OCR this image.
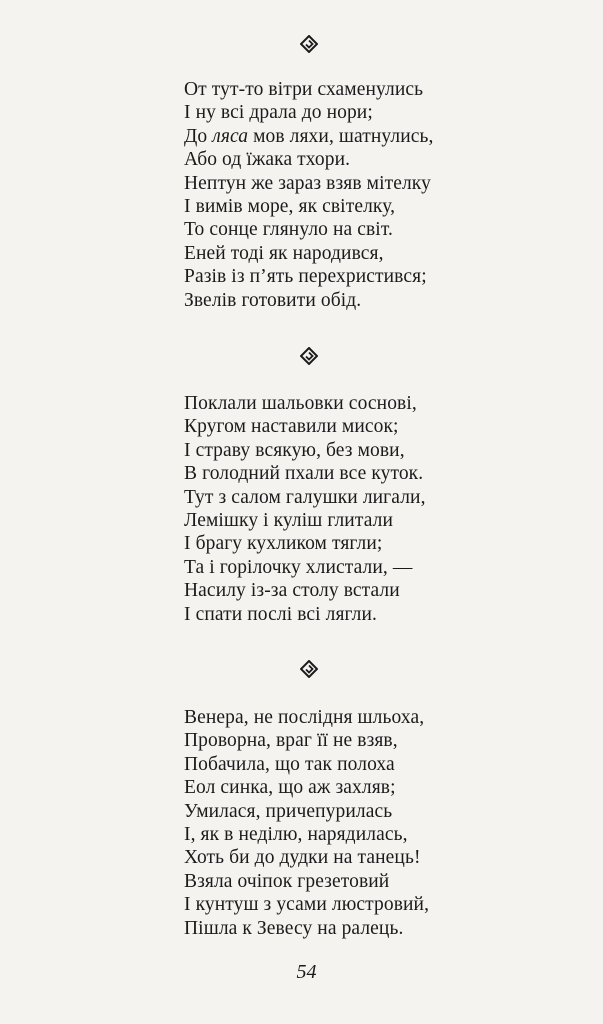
От тут-то вітри схаменулись
І ну всі драла до нори;
До ляса мов ляхи, шатнулись,
Або од їжака тхори.
Нептун же зараз взяв мітелку
І вимів море, як світелку,
То сонце глянуло на світ.
Еней тоді як народився,
Разів із п’ять перехристився;
Звелів готовити обід.
Поклали шальовки соснові,
Кругом наставили мисок;
І страву всякую, без мови,
В голодний пхали все куток.
Тут з салом галушки лигали,
Лемішку і куліш глитали
І брагу кухликом тягли;
Та і горілочку хлистали, —
Насилу із-за столу встали
І спати послі всі лягли.
Венера, не послідня шльоха,
Проворна, враг її не взяв,
Побачила, що так полоха
Еол синка, що аж захляв;
Умилася, причепурилась
І, як в неділю, нарядилась,
Хоть би до дудки на танець!
Взяла очіпок грезетовий
І кунтуш з усами люстровий,
Пішла к Зевесу на ралець.
54
